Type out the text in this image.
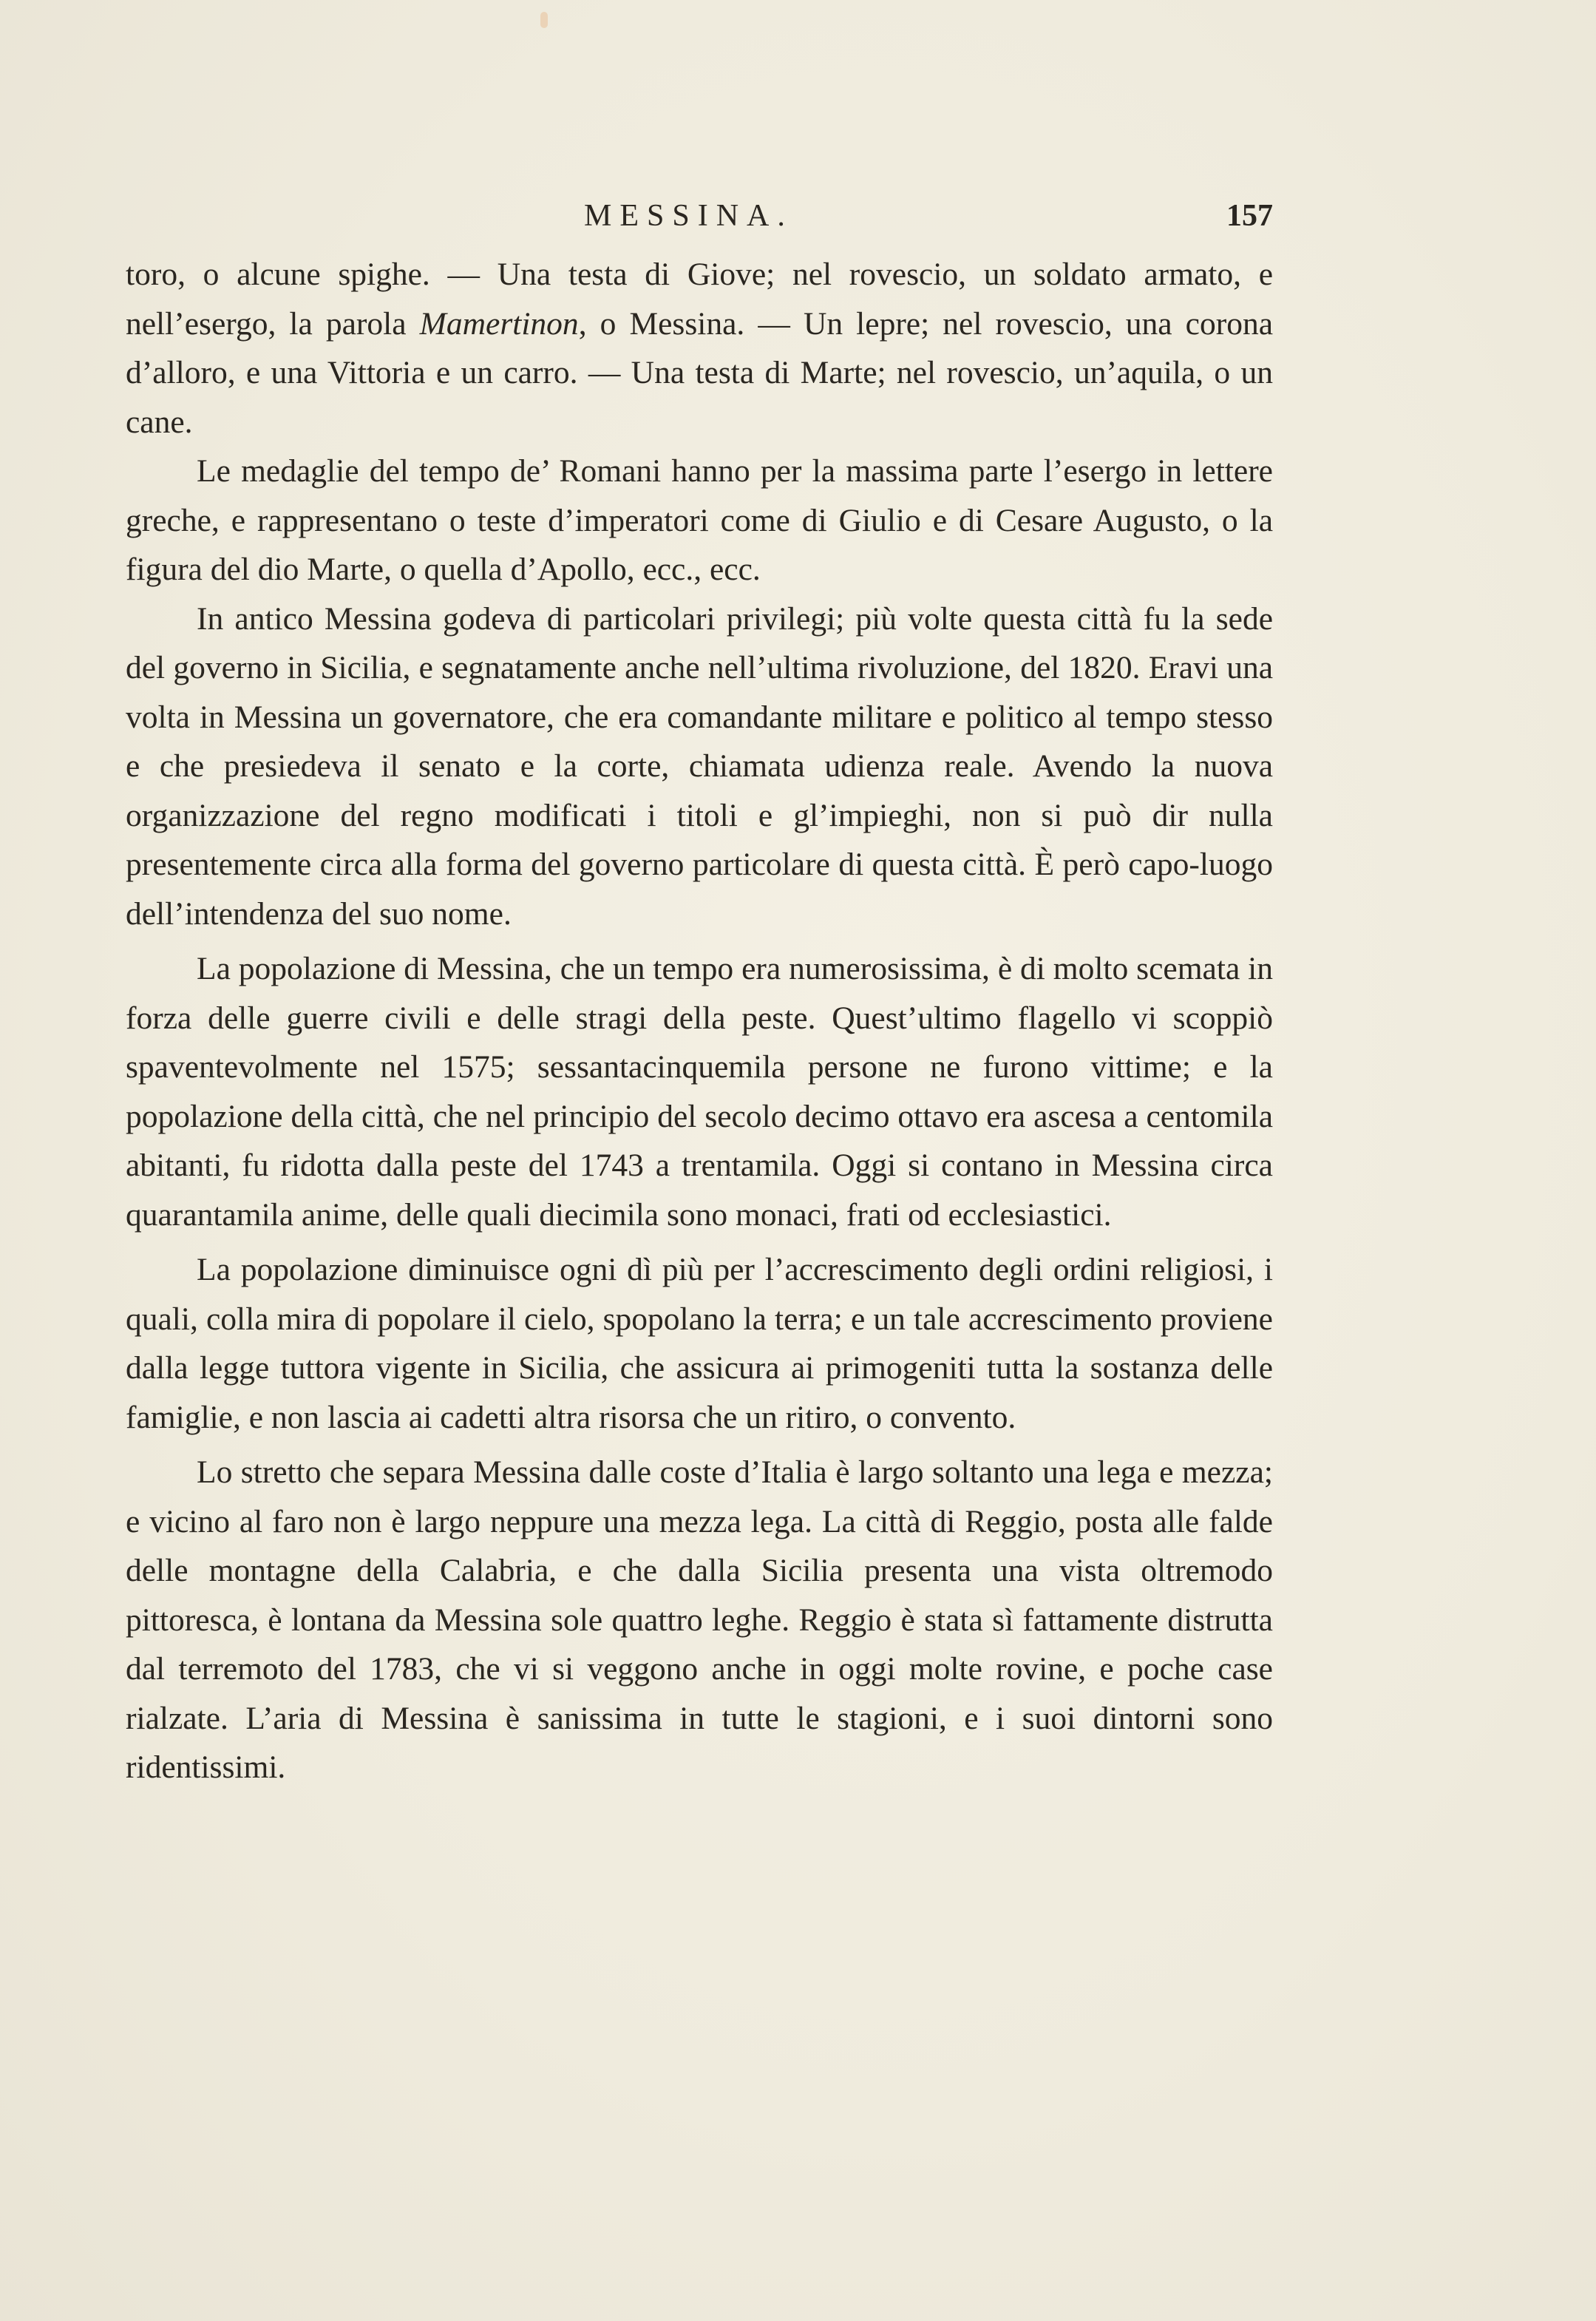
MESSINA.	157

toro, o alcune spighe. — Una testa di Giove; nel rovescio, un soldato armato, e nell’esergo, la parola Mamertinon, o Messina. — Un lepre; nel rovescio, una corona d’alloro, e una Vittoria e un carro. — Una testa di Marte; nel rovescio, un’aquila, o un cane.

Le medaglie del tempo de’ Romani hanno per la massima parte l’esergo in lettere greche, e rappresentano o teste d’imperatori come di Giulio e di Cesare Augusto, o la figura del dio Marte, o quella d’Apollo, ecc., ecc.

In antico Messina godeva di particolari privilegi; più volte questa città fu la sede del governo in Sicilia, e segnatamente anche nell’ultima rivoluzione, del 1820. Eravi una volta in Messina un governatore, che era comandante militare e politico al tempo stesso e che presiedeva il senato e la corte, chiamata udienza reale. Avendo la nuova organizzazione del regno modificati i titoli e gl’impieghi, non si può dir nulla presentemente circa alla forma del governo particolare di questa città. È però capo-luogo dell’intendenza del suo nome.

La popolazione di Messina, che un tempo era numerosissima, è di molto scemata in forza delle guerre civili e delle stragi della peste. Quest’ultimo flagello vi scoppiò spaventevolmente nel 1575; sessantacinquemila persone ne furono vittime; e la popolazione della città, che nel principio del secolo decimo ottavo era ascesa a centomila abitanti, fu ridotta dalla peste del 1743 a trentamila. Oggi si contano in Messina circa quarantamila anime, delle quali diecimila sono monaci, frati od ecclesiastici.

La popolazione diminuisce ogni dì più per l’accrescimento degli ordini religiosi, i quali, colla mira di popolare il cielo, spopolano la terra; e un tale accrescimento proviene dalla legge tuttora vigente in Sicilia, che assicura ai primogeniti tutta la sostanza delle famiglie, e non lascia ai cadetti altra risorsa che un ritiro, o convento.

Lo stretto che separa Messina dalle coste d’Italia è largo soltanto una lega e mezza; e vicino al faro non è largo neppure una mezza lega. La città di Reggio, posta alle falde delle montagne della Calabria, e che dalla Sicilia presenta una vista oltremodo pittoresca, è lontana da Messina sole quattro leghe. Reggio è stata sì fattamente distrutta dal terremoto del 1783, che vi si veggono anche in oggi molte rovine, e poche case rialzate. L’aria di Messina è sanissima in tutte le stagioni, e i suoi dintorni sono ridentissimi.
